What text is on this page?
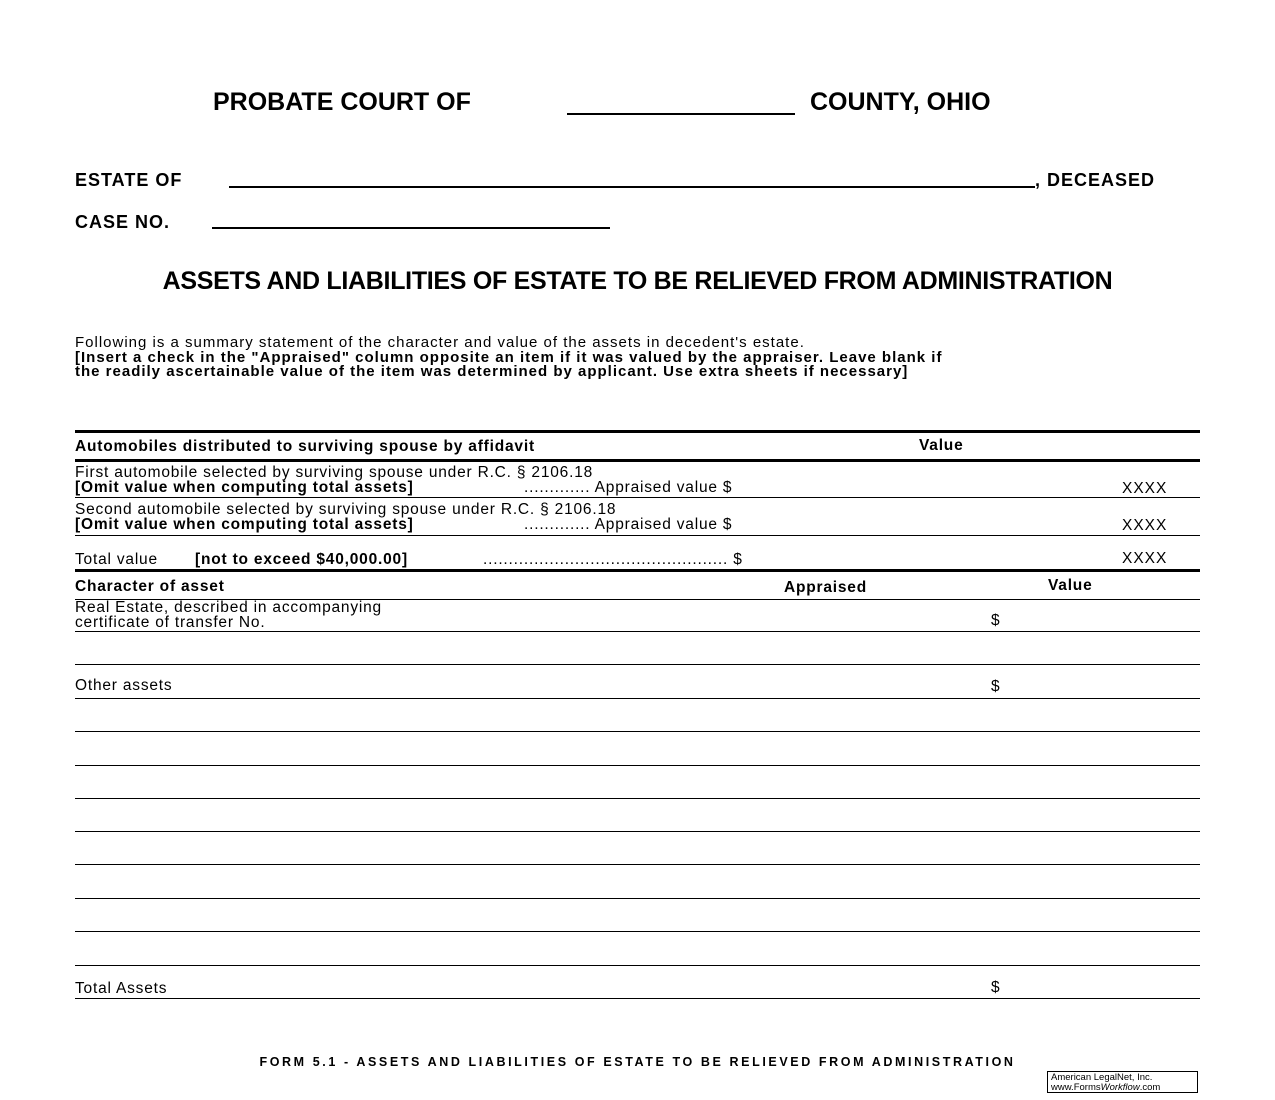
PROBATE COURT OF	COUNTY, OHIO
ESTATE OF	, DECEASED
CASE NO.
ASSETS AND LIABILITIES OF ESTATE TO BE RELIEVED FROM ADMINISTRATION
Following is a summary statement of the character and value of the assets in decedent's estate.
[Insert a check in the "Appraised" column opposite an item if it was valued by the appraiser. Leave blank if
the readily ascertainable value of the item was determined by applicant. Use extra sheets if necessary]
Automobiles distributed to surviving spouse by affidavit	Value
First automobile selected by surviving spouse under R.C. § 2106.18
[Omit value when computing total assets]	............. Appraised value $	XXXX
Second automobile selected by surviving spouse under R.C. § 2106.18
[Omit value when computing total assets]	............. Appraised value $	XXXX
Total value [not to exceed $40,000.00]	................................................ $	XXXX
Character of asset	Appraised	Value
Real Estate, described in accompanying
certificate of transfer No.	$
Other assets	$
Total Assets	$
FORM 5.1 - ASSETS AND LIABILITIES OF ESTATE TO BE RELIEVED FROM ADMINISTRATION
American LegalNet, Inc.
www.FormsWorkflow.com
